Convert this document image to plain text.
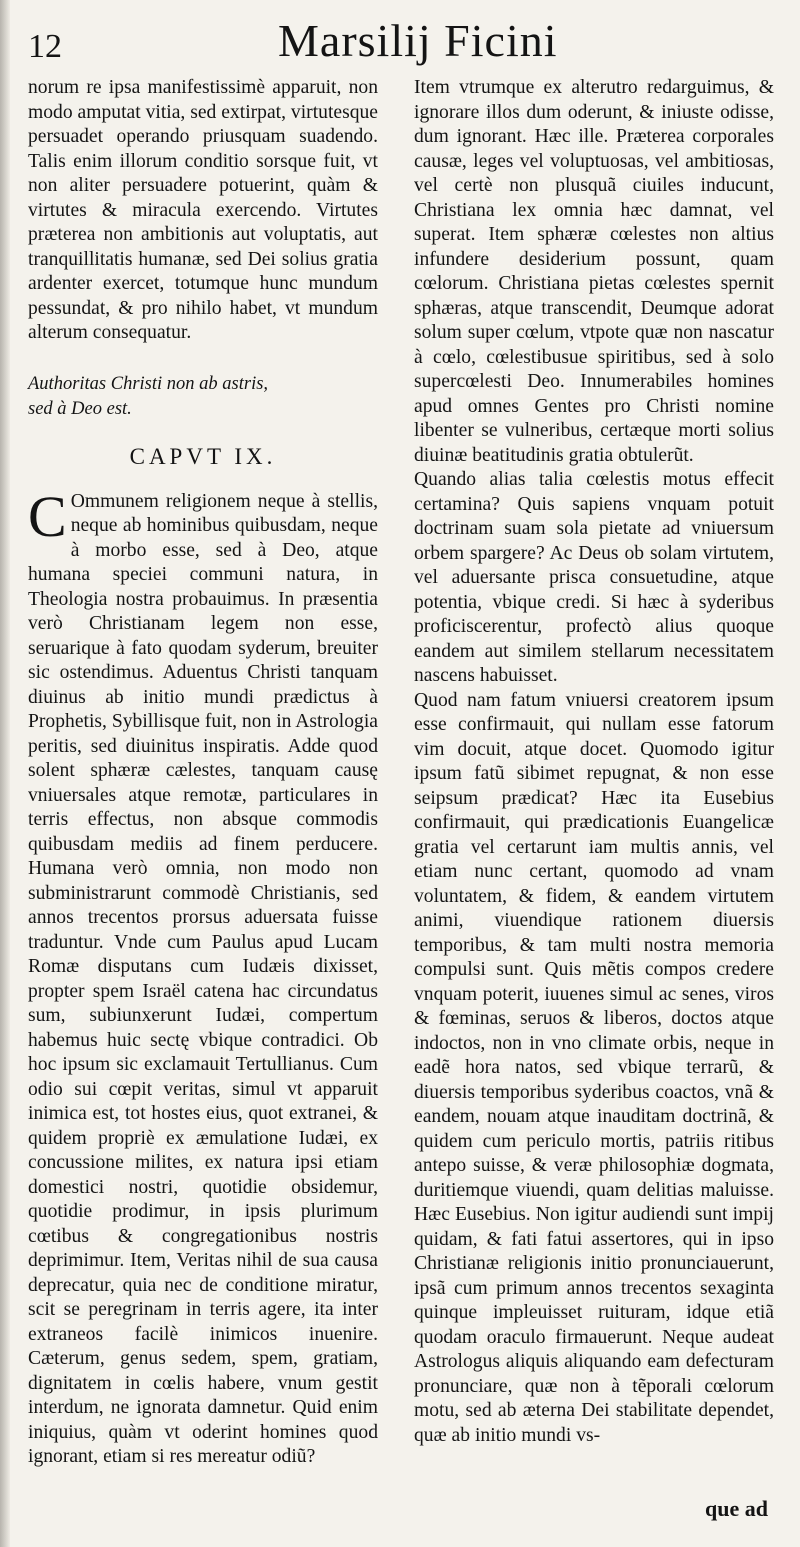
12	Marsilij Ficini

norum re ipsa manifestissimè apparuit, non modo amputat vitia, sed extirpat, virtutesque persuadet operando priusquam suadendo. Talis enim illorum conditio sorsque fuit, vt non aliter persuadere potuerint, quàm & virtutes & miracula exercendo. Virtutes præterea non ambitionis aut voluptatis, aut tranquillitatis humanæ, sed Dei solius gratia ardenter exercet, totumque hunc mundum pessundat, & pro nihilo habet, vt mundum alterum consequatur.

Authoritas Christi non ab astris,
sed à Deo est.

CAPVT IX.

C Ommunem religionem neque à stellis, neque ab hominibus quibusdam, neque à morbo esse, sed à Deo, atque humana speciei communi natura, in Theologia nostra probauimus. In præsentia verò Christianam legem non esse, seruarique à fato quodam syderum, breuiter sic ostendimus. Aduentus Christi tanquam diuinus ab initio mundi prædictus à Prophetis, Sybillisque fuit, non in Astrologia peritis, sed diuinitus inspiratis. Adde quod solent sphæræ cælestes, tanquam causę vniuersales atque remotæ, particulares in terris effectus, non absque commodis quibusdam mediis ad finem perducere. Humana verò omnia, non modo non subministrarunt commodè Christianis, sed annos trecentos prorsus aduersata fuisse traduntur. Vnde cum Paulus apud Lucam Romæ disputans cum Iudæis dixisset, propter spem Israël catena hac circundatus sum, subiunxerunt Iudæi, compertum habemus huic sectę vbique contradici. Ob hoc ipsum sic exclamauit Tertullianus. Cum odio sui cœpit veritas, simul vt apparuit inimica est, tot hostes eius, quot extranei, & quidem propriè ex æmulatione Iudæi, ex concussione milites, ex natura ipsi etiam domestici nostri, quotidie obsidemur, quotidie prodimur, in ipsis plurimum cœtibus & congregationibus nostris deprimimur. Item, Veritas nihil de sua causa deprecatur, quia nec de conditione miratur, scit se peregrinam in terris agere, ita inter extraneos facilè inimicos inuenire. Cæterum, genus sedem, spem, gratiam, dignitatem in cœlis habere, vnum gestit interdum, ne ignorata damnetur. Quid enim iniquius, quàm vt oderint homines quod ignorant, etiam si res mereatur odiũ?

Item vtrumque ex alterutro redarguimus, & ignorare illos dum oderunt, & iniuste odisse, dum ignorant. Hæc ille. Præterea corporales causæ, leges vel voluptuosas, vel ambitiosas, vel certè non plusquã ciuiles inducunt, Christiana lex omnia hæc damnat, vel superat. Item sphæræ cœlestes non altius infundere desiderium possunt, quam cœlorum. Christiana pietas cœlestes spernit sphæras, atque transcendit, Deumque adorat solum super cœlum, vtpote quæ non nascatur à cœlo, cœlestibusue spiritibus, sed à solo supercœlesti Deo. Innumerabiles homines apud omnes Gentes pro Christi nomine libenter se vulneribus, certæque morti solius diuinæ beatitudinis gratia obtulerũt.

Quando alias talia cœlestis motus effecit certamina? Quis sapiens vnquam potuit doctrinam suam sola pietate ad vniuersum orbem spargere? Ac Deus ob solam virtutem, vel aduersante prisca consuetudine, atque potentia, vbique credi. Si hæc à syderibus proficiscerentur, profectò alius quoque eandem aut similem stellarum necessitatem nascens habuisset.

Quod nam fatum vniuersi creatorem ipsum esse confirmauit, qui nullam esse fatorum vim docuit, atque docet. Quomodo igitur ipsum fatũ sibimet repugnat, & non esse seipsum prædicat? Hæc ita Eusebius confirmauit, qui prædicationis Euangelicæ gratia vel certarunt iam multis annis, vel etiam nunc certant, quomodo ad vnam voluntatem, & fidem, & eandem virtutem animi, viuendique rationem diuersis temporibus, & tam multi nostra memoria compulsi sunt. Quis mẽtis compos credere vnquam poterit, iuuenes simul ac senes, viros & fœminas, seruos & liberos, doctos atque indoctos, non in vno climate orbis, neque in eadẽ hora natos, sed vbique terrarũ, & diuersis temporibus syderibus coactos, vnã & eandem, nouam atque inauditam doctrinã, & quidem cum periculo mortis, patriis ritibus antepo suisse, & veræ philosophiæ dogmata, duritiemque viuendi, quam delitias maluisse. Hæc Eusebius. Non igitur audiendi sunt impij quidam, & fati fatui assertores, qui in ipso Christianæ religionis initio pronunciauerunt, ipsã cum primum annos trecentos sexaginta quinque impleuisset ruituram, idque etiã quodam oraculo firmauerunt. Neque audeat Astrologus aliquis aliquando eam defecturam pronunciare, quæ non à tẽporali cœlorum motu, sed ab æterna Dei stabilitate dependet, quæ ab initio mundi vs-

que ad
